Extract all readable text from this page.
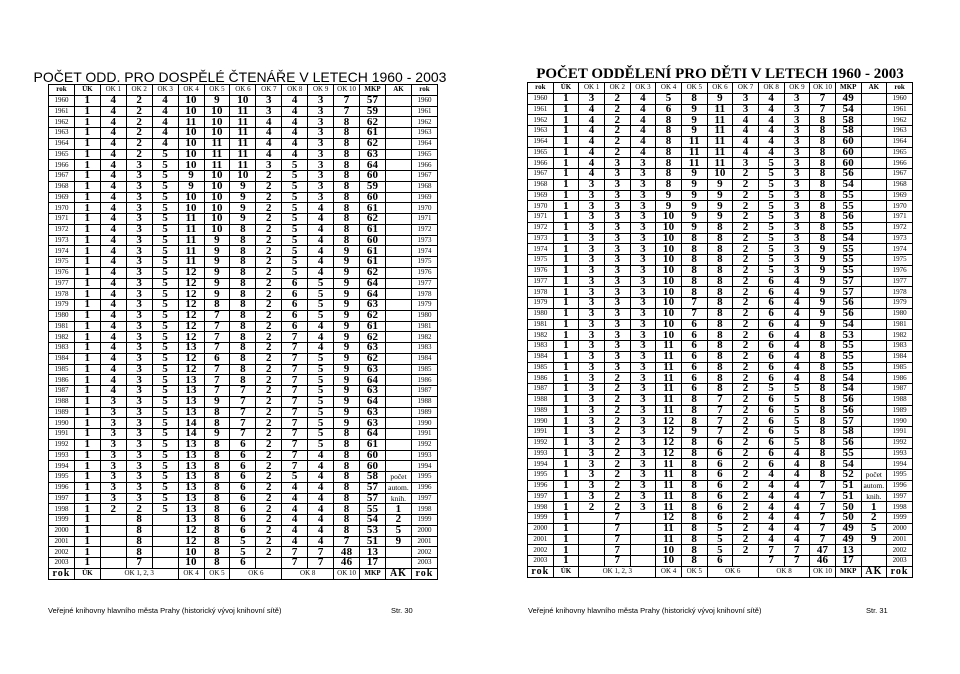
POČET ODD. PRO DOSPĚLÉ ČTENÁŘE V LETECH 1960 - 2003
rok	ÚK	OK 1	OK 2	OK 3	OK 4	OK 5	OK 6	OK 7	OK 8	OK 9	OK 10	MKP	AK	rok
1960	1	4	2	4	10	9	10	3	4	3	7	57		1960
1961	1	4	2	4	10	10	11	3	4	3	7	59		1961
1962	1	4	2	4	11	10	11	4	4	3	8	62		1962
1963	1	4	2	4	10	10	11	4	4	3	8	61		1963
1964	1	4	2	4	10	11	11	4	4	3	8	62		1964
1965	1	4	2	5	10	11	11	4	4	3	8	63		1965
1966	1	4	3	5	10	11	11	3	5	3	8	64		1966
1967	1	4	3	5	9	10	10	2	5	3	8	60		1967
1968	1	4	3	5	9	10	9	2	5	3	8	59		1968
1969	1	4	3	5	10	10	9	2	5	3	8	60		1969
1970	1	4	3	5	10	10	9	2	5	4	8	61		1970
1971	1	4	3	5	11	10	9	2	5	4	8	62		1971
1972	1	4	3	5	11	10	8	2	5	4	8	61		1972
1973	1	4	3	5	11	9	8	2	5	4	8	60		1973
1974	1	4	3	5	11	9	8	2	5	4	9	61		1974
1975	1	4	3	5	11	9	8	2	5	4	9	61		1975
1976	1	4	3	5	12	9	8	2	5	4	9	62		1976
1977	1	4	3	5	12	9	8	2	6	5	9	64		1977
1978	1	4	3	5	12	9	8	2	6	5	9	64		1978
1979	1	4	3	5	12	8	8	2	6	5	9	63		1979
1980	1	4	3	5	12	7	8	2	6	5	9	62		1980
1981	1	4	3	5	12	7	8	2	6	4	9	61		1981
1982	1	4	3	5	12	7	8	2	7	4	9	62		1982
1983	1	4	3	5	13	7	8	2	7	4	9	63		1983
1984	1	4	3	5	12	6	8	2	7	5	9	62		1984
1985	1	4	3	5	12	7	8	2	7	5	9	63		1985
1986	1	4	3	5	13	7	8	2	7	5	9	64		1986
1987	1	4	3	5	13	7	7	2	7	5	9	63		1987
1988	1	3	3	5	13	9	7	2	7	5	9	64		1988
1989	1	3	3	5	13	8	7	2	7	5	9	63		1989
1990	1	3	3	5	14	8	7	2	7	5	9	63		1990
1991	1	3	3	5	14	9	7	2	7	5	8	64		1991
1992	1	3	3	5	13	8	6	2	7	5	8	61		1992
1993	1	3	3	5	13	8	6	2	7	4	8	60		1993
1994	1	3	3	5	13	8	6	2	7	4	8	60		1994
1995	1	3	3	5	13	8	6	2	5	4	8	58	počet	1995
1996	1	3	3	5	13	8	6	2	4	4	8	57	autom.	1996
1997	1	3	3	5	13	8	6	2	4	4	8	57	knih.	1997
1998	1	2	2	5	13	8	6	2	4	4	8	55	1	1998
1999	1		8		13	8	6	2	4	4	8	54	2	1999
2000	1		8		12	8	6	2	4	4	8	53	5	2000
2001	1		8		12	8	5	2	4	4	7	51	9	2001
2002	1		8		10	8	5	2	7	7	48	13		2002
2003	1		7		10	8	6		7	7	46	17		2003
rok	ÚK	OK 1, 2, 3			OK 4	OK 5	OK 6		OK 8		OK 10	MKP	AK	rok
Veřejné knihovny hlavního města Prahy (historický vývoj knihovní sítě)	Str. 30
POČET ODDĚLENÍ PRO DĚTI V LETECH 1960 - 2003
rok	ÚK	OK 1	OK 2	OK 3	OK 4	OK 5	OK 6	OK 7	OK 8	OK 9	OK 10	MKP	AK	rok
1960	1	3	2	4	5	8	9	3	4	3	7	49		1960
1961	1	4	2	4	6	9	11	3	4	3	7	54		1961
1962	1	4	2	4	8	9	11	4	4	3	8	58		1962
1963	1	4	2	4	8	9	11	4	4	3	8	58		1963
1964	1	4	2	4	8	11	11	4	4	3	8	60		1964
1965	1	4	2	4	8	11	11	4	4	3	8	60		1965
1966	1	4	3	3	8	11	11	3	5	3	8	60		1966
1967	1	4	3	3	8	9	10	2	5	3	8	56		1967
1968	1	3	3	3	8	9	9	2	5	3	8	54		1968
1969	1	3	3	3	9	9	9	2	5	3	8	55		1969
1970	1	3	3	3	9	9	9	2	5	3	8	55		1970
1971	1	3	3	3	10	9	9	2	5	3	8	56		1971
1972	1	3	3	3	10	9	8	2	5	3	8	55		1972
1973	1	3	3	3	10	8	8	2	5	3	8	54		1973
1974	1	3	3	3	10	8	8	2	5	3	9	55		1974
1975	1	3	3	3	10	8	8	2	5	3	9	55		1975
1976	1	3	3	3	10	8	8	2	5	3	9	55		1976
1977	1	3	3	3	10	8	8	2	6	4	9	57		1977
1978	1	3	3	3	10	8	8	2	6	4	9	57		1978
1979	1	3	3	3	10	7	8	2	6	4	9	56		1979
1980	1	3	3	3	10	7	8	2	6	4	9	56		1980
1981	1	3	3	3	10	6	8	2	6	4	9	54		1981
1982	1	3	3	3	10	6	8	2	6	4	8	53		1982
1983	1	3	3	3	11	6	8	2	6	4	8	55		1983
1984	1	3	3	3	11	6	8	2	6	4	8	55		1984
1985	1	3	3	3	11	6	8	2	6	4	8	55		1985
1986	1	3	2	3	11	6	8	2	6	4	8	54		1986
1987	1	3	2	3	11	6	8	2	5	5	8	54		1987
1988	1	3	2	3	11	8	7	2	6	5	8	56		1988
1989	1	3	2	3	11	8	7	2	6	5	8	56		1989
1990	1	3	2	3	12	8	7	2	6	5	8	57		1990
1991	1	3	2	3	12	9	7	2	6	5	8	58		1991
1992	1	3	2	3	12	8	6	2	6	5	8	56		1992
1993	1	3	2	3	12	8	6	2	6	4	8	55		1993
1994	1	3	2	3	11	8	6	2	6	4	8	54		1994
1995	1	3	2	3	11	8	6	2	4	4	8	52	počet	1995
1996	1	3	2	3	11	8	6	2	4	4	7	51	autom.	1996
1997	1	3	2	3	11	8	6	2	4	4	7	51	knih.	1997
1998	1	2	2	3	11	8	6	2	4	4	7	50	1	1998
1999	1		7		12	8	6	2	4	4	7	50	2	1999
2000	1		7		11	8	5	2	4	4	7	49	5	2000
2001	1		7		11	8	5	2	4	4	7	49	9	2001
2002	1		7		10	8	5	2	7	7	47	13		2002
2003	1		7		10	8	6		7	7	46	17		2003
rok	ÚK	OK 1, 2, 3			OK 4	OK 5	OK 6		OK 8		OK 10	MKP	AK	rok
Veřejné knihovny hlavního města Prahy (historický vývoj knihovní sítě)	Str. 31
